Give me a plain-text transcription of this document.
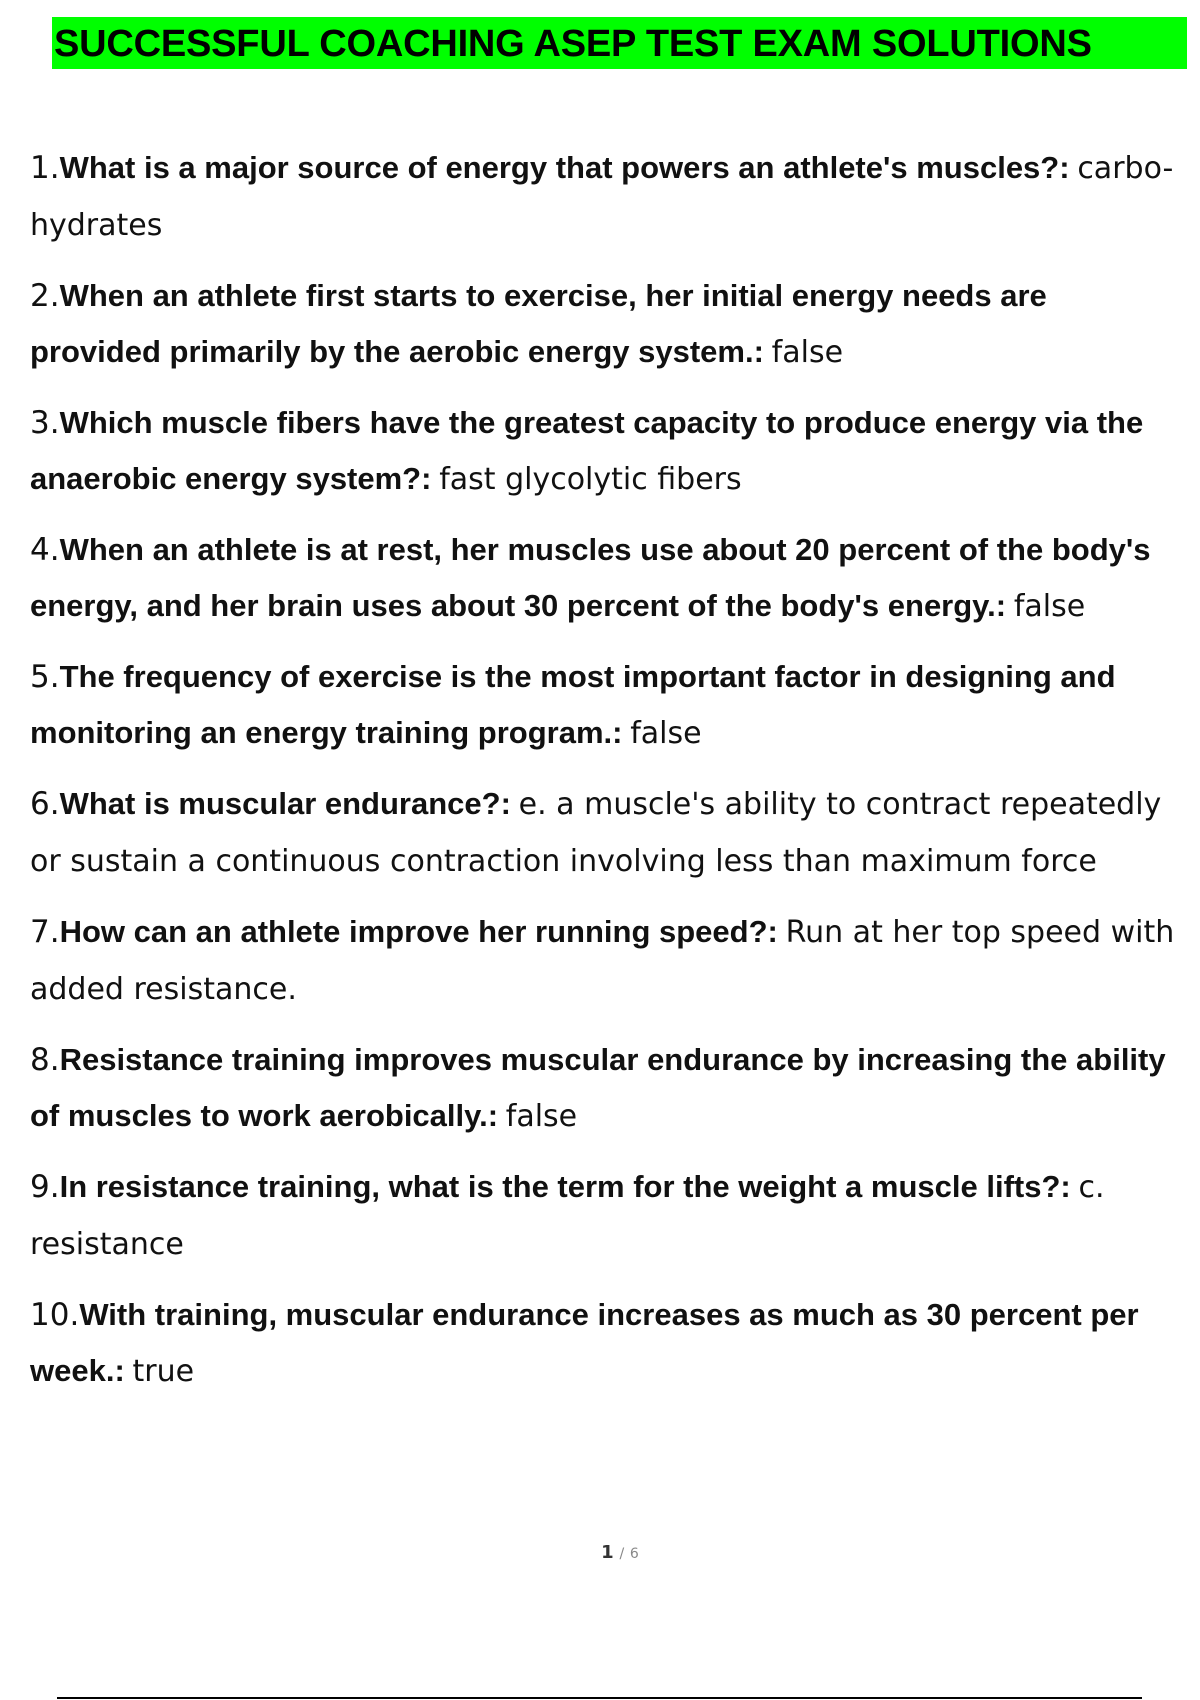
SUCCESSFUL COACHING ASEP TEST EXAM SOLUTIONS
1.What is a major source of energy that powers an athlete's muscles?: carbo- hydrates
2.When an athlete first starts to exercise, her initial energy needs are provided primarily by the aerobic energy system.: false
3.Which muscle fibers have the greatest capacity to produce energy via the anaerobic energy system?: fast glycolytic fibers
4.When an athlete is at rest, her muscles use about 20 percent of the body's energy, and her brain uses about 30 percent of the body's energy.: false
5.The frequency of exercise is the most important factor in designing and monitoring an energy training program.: false
6.What is muscular endurance?: e. a muscle's ability to contract repeatedly or sustain a continuous contraction involving less than maximum force
7.How can an athlete improve her running speed?: Run at her top speed with added resistance.
8.Resistance training improves muscular endurance by increasing the ability of muscles to work aerobically.: false
9.In resistance training, what is the term for the weight a muscle lifts?: c. resistance
10.With training, muscular endurance increases as much as 30 percent per week.: true
1 / 6
